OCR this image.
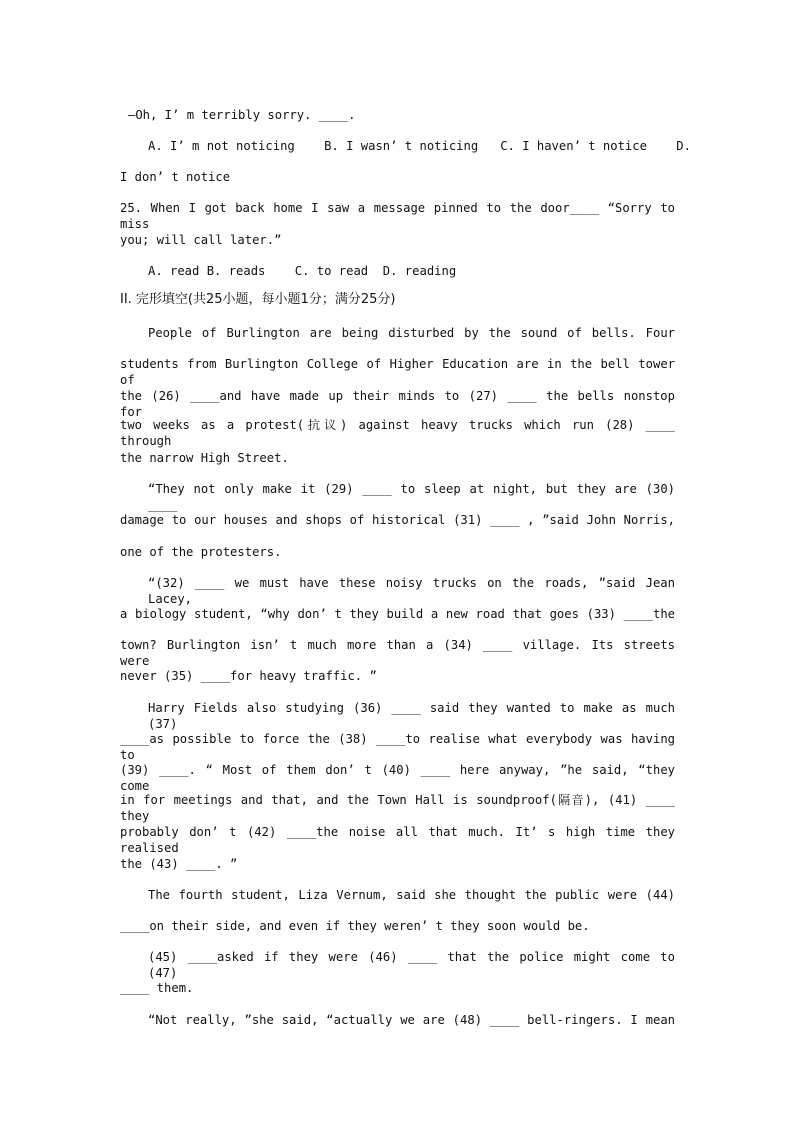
—Oh, I’ m terribly sorry. ____.
A. I’ m not noticing    B. I wasn’ t noticing   C. I haven’ t notice    D.
I don’ t notice
25. When I got back home I saw a message pinned to the door____ “Sorry to miss
you; will call later.”
A. read B. reads    C. to read  D. reading
II. 完形填空(共25小题，每小题1分；满分25分)
People of Burlington are being disturbed by the sound of bells. Four
students from Burlington College of Higher Education are in the bell tower of
the (26) ____and have made up their minds to (27) ____ the bells nonstop for
two weeks as a protest(抗议) against heavy trucks which run (28) ____ through
the narrow High Street.
“They not only make it (29) ____ to sleep at night, but they are (30) ____
damage to our houses and shops of historical (31) ____ , ”said John Norris,
one of the protesters.
“(32) ____ we must have these noisy trucks on the roads, ”said Jean Lacey,
a biology student, “why don’ t they build a new road that goes (33) ____the
town? Burlington isn’ t much more than a (34) ____ village. Its streets were
never (35) ____for heavy traffic. ”
Harry Fields also studying (36) ____ said they wanted to make as much (37)
____as possible to force the (38) ____to realise what everybody was having to
(39) ____. “ Most of them don’ t (40) ____ here anyway, ”he said, “they come
in for meetings and that, and the Town Hall is soundproof(隔音), (41) ____ they
probably don’ t (42) ____the noise all that much. It’ s high time they realised
the (43) ____. ”
The fourth student, Liza Vernum, said she thought the public were (44)
____on their side, and even if they weren’ t they soon would be.
(45) ____asked if they were (46) ____ that the police might come to (47)
____ them.
“Not really, ”she said, “actually we are (48) ____ bell-ringers. I mean
